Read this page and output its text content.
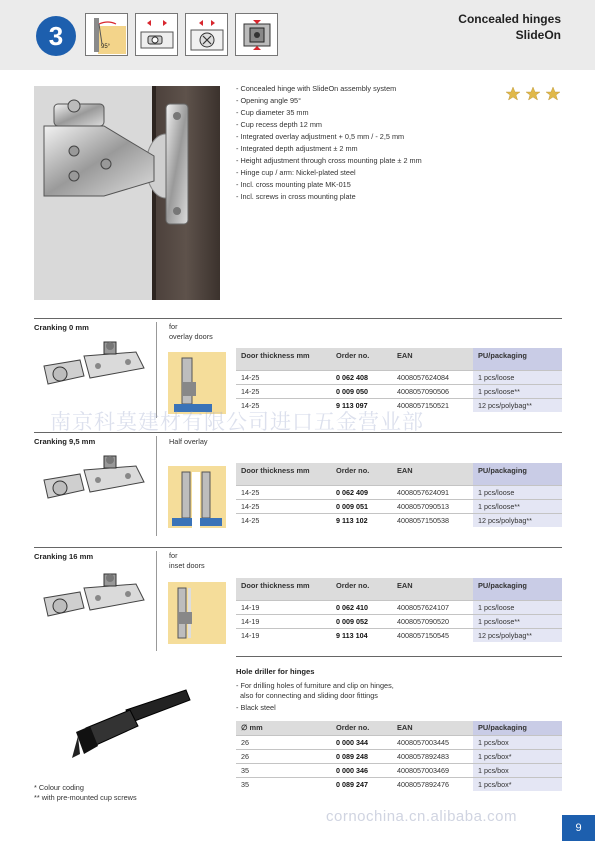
3	95°
Concealed hinges
SlideOn
- Concealed hinge with SlideOn assembly system
- Opening angle 95°
- Cup diameter 35 mm
- Cup recess depth 12 mm
- Integrated overlay adjustment + 0,5 mm / - 2,5 mm
- Integrated depth adjustment ± 2 mm
- Height adjustment through cross mounting plate ± 2 mm
- Hinge cup / arm: Nickel-plated steel
- Incl. cross mounting plate MK-015
- Incl. screws in cross mounting plate
Cranking 0 mm	for
overlay doors
Door thickness mm	Order no.	EAN	PU/packaging
14-25	0 062 408	4008057624084	1 pcs/loose
14-25	0 009 050	4008057090506	1 pcs/loose**
14-25	9 113 097	4008057150521	12 pcs/polybag**
Cranking 9,5 mm	Half overlay
Door thickness mm	Order no.	EAN	PU/packaging
14-25	0 062 409	4008057624091	1 pcs/loose
14-25	0 009 051	4008057090513	1 pcs/loose**
14-25	9 113 102	4008057150538	12 pcs/polybag**
Cranking 16 mm	for
inset doors
Door thickness mm	Order no.	EAN	PU/packaging
14-19	0 062 410	4008057624107	1 pcs/loose
14-19	0 009 052	4008057090520	1 pcs/loose**
14-19	9 113 104	4008057150545	12 pcs/polybag**
Hole driller for hinges
- For drilling holes of furniture and clip on hinges,
also for connecting and sliding door fittings
- Black steel
∅ mm	Order no.	EAN	PU/packaging
26	0 000 344	4008057003445	1 pcs/box
26	0 089 248	4008057892483	1 pcs/box*
35	0 000 346	4008057003469	1 pcs/box
35	0 089 247	4008057892476	1 pcs/box*
* Colour coding
** with pre-mounted cup screws
南京科莫建材有限公司进口五金营业部
cornochina.cn.alibaba.com
9
